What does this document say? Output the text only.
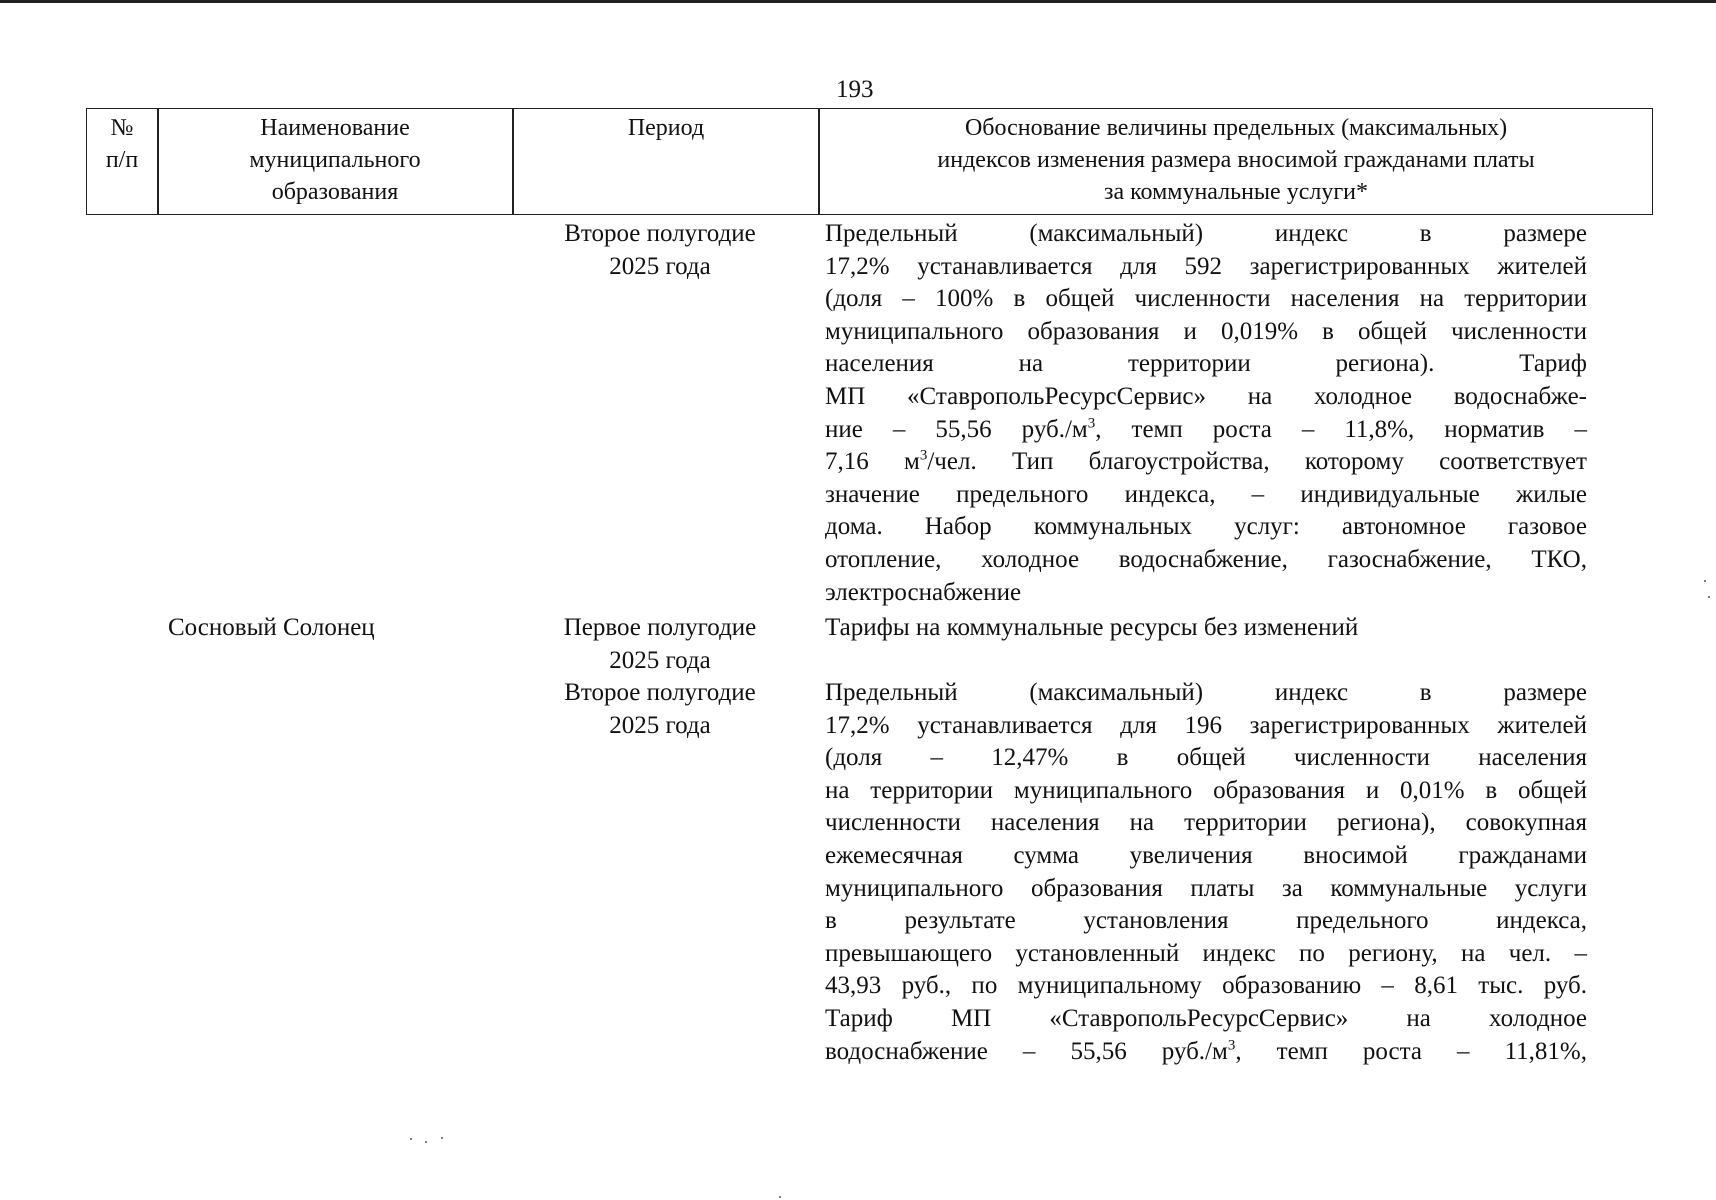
193
№
п/п
Наименование
муниципального
образования
Период	Обоснование величины предельных (максимальных)
индексов изменения размера вносимой гражданами платы
за коммунальные услуги*
Второе полугодие
2025 года
Предельный (максимальный) индекс в размере
17,2% устанавливается для 592 зарегистрированных жителей
(доля – 100% в общей численности населения на территории
муниципального образования и 0,019% в общей численности
населения на территории региона). Тариф
МП «СтавропольРесурсСервис» на холодное водоснабже-
ние – 55,56 $руб./м^3$, темп роста – 11,8%, норматив –
7,16 $м^3$/чел. Тип благоустройства, которому соответствует
значение предельного индекса, – индивидуальные жилые
дома. Набор коммунальных услуг: автономное газовое
отопление, холодное водоснабжение, газоснабжение, ТКО,
электроснабжение
Сосновый Солонец	Первое полугодие
2025 года
Тарифы на коммунальные ресурсы без изменений
Второе полугодие
2025 года
Предельный (максимальный) индекс в размере
17,2% устанавливается для 196 зарегистрированных жителей
(доля – 12,47% в общей численности населения
на территории муниципального образования и 0,01% в общей
численности населения на территории региона), совокупная
ежемесячная сумма увеличения вносимой гражданами
муниципального образования платы за коммунальные услуги
в результате установления предельного индекса,
превышающего установленный индекс по региону, на чел. –
43,93 руб., по муниципальному образованию – 8,61 тыс. руб.
Тариф МП «СтавропольРесурсСервис» на холодное
водоснабжение – 55,56 $руб./м^3$, темп роста – 11,81%,
